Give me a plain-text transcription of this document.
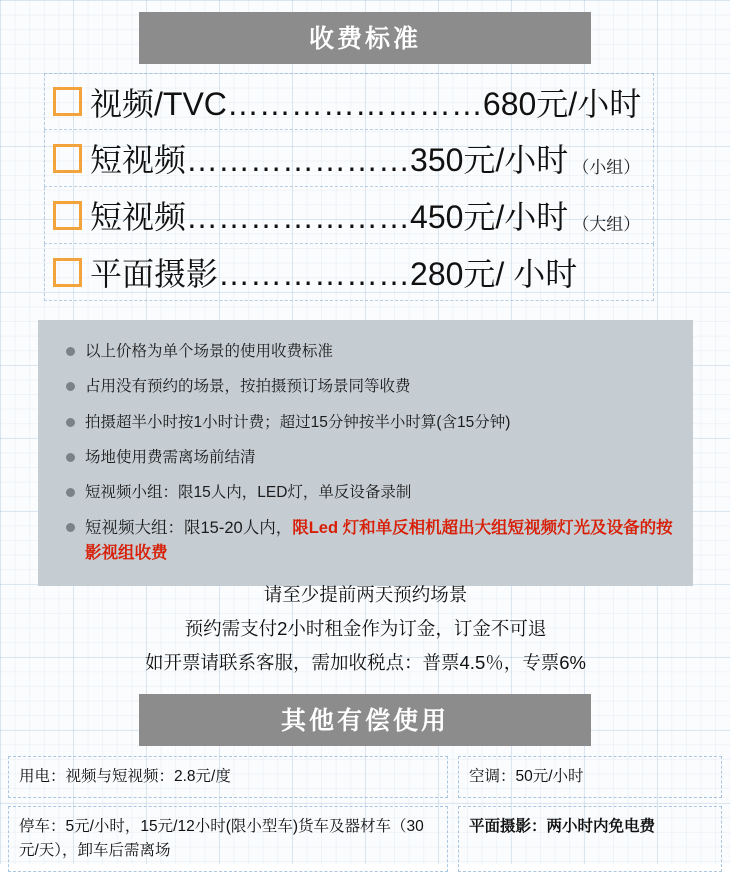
收费标准
视频/TVC…………………… 680元/小时
短视频………………… 350元/小时 （小组）
短视频………………… 450元/小时 （大组）
平面摄影……………… 280元/ 小时
以上价格为单个场景的使用收费标准
占用没有预约的场景，按拍摄预订场景同等收费
拍摄超半小时按1小时计费；超过15分钟按半小时算(含15分钟)
场地使用费需离场前结清
短视频小组：限15人内，LED灯，单反设备录制
短视频大组：限15-20人内，限Led 灯和单反相机超出大组短视频灯光及设备的按影视组收费
请至少提前两天预约场景
预约需支付2小时租金作为订金，订金不可退
如开票请联系客服，需加收税点：普票4.5％，专票6%
其他有偿使用
用电：视频与短视频：2.8元/度	空调：50元/小时
停车：5元/小时，15元/12小时(限小型车)货车及器材车（30元/天），卸车后需离场
平面摄影：两小时内免电费
